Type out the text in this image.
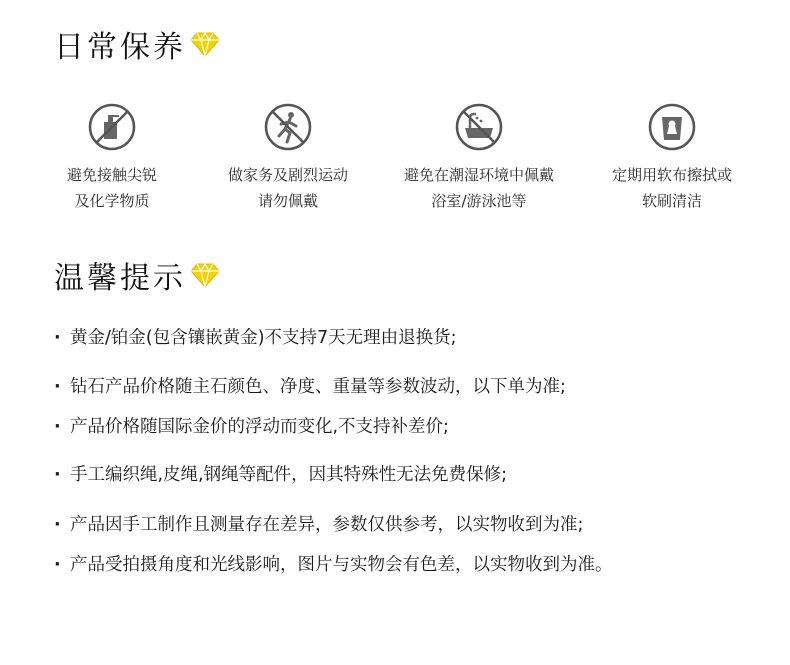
日常保养
避免接触尖锐
及化学物质
做家务及剧烈运动
请勿佩戴
避免在潮湿环境中佩戴
浴室/游泳池等
定期用软布擦拭或
软刷清洁
温馨提示
· 黄金/铂金(包含镶嵌黄金)不支持7天无理由退换货;
· 钻石产品价格随主石颜色、净度、重量等参数波动，以下单为准;
· 产品价格随国际金价的浮动而变化,不支持补差价;
· 手工编织绳,皮绳,钢绳等配件，因其特殊性无法免费保修;
· 产品因手工制作且测量存在差异，参数仅供参考，以实物收到为准;
· 产品受拍摄角度和光线影响，图片与实物会有色差，以实物收到为准。
